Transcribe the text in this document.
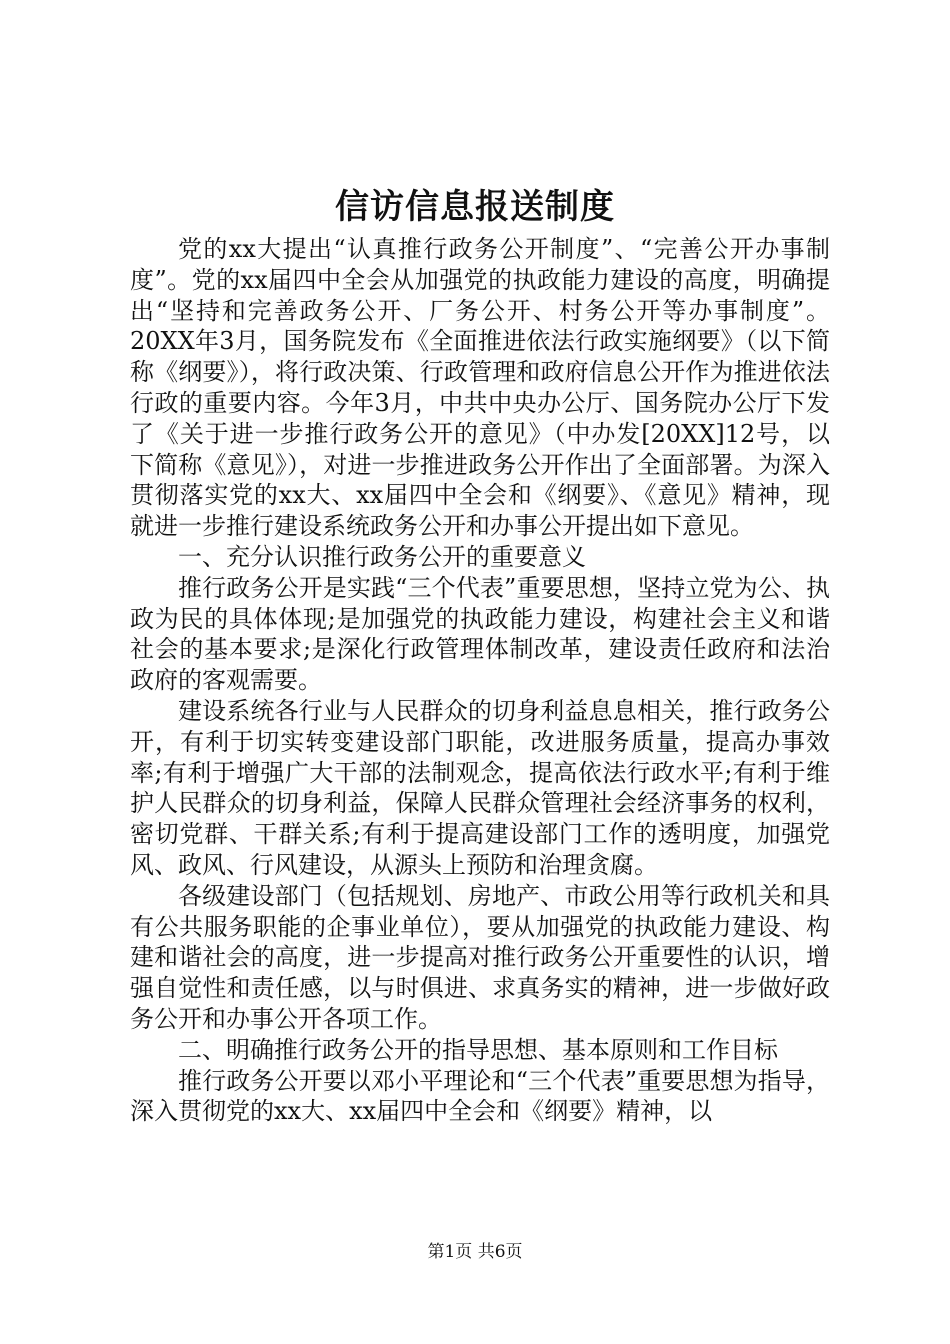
信访信息报送制度

党的xx大提出“认真推行政务公开制度”、“完善公开办事制度”。党的xx届四中全会从加强党的执政能力建设的高度，明确提出“坚持和完善政务公开、厂务公开、村务公开等办事制度”。20XX年3月，国务院发布《全面推进依法行政实施纲要》（以下简称《纲要》），将行政决策、行政管理和政府信息公开作为推进依法行政的重要内容。今年3月，中共中央办公厅、国务院办公厅下发了《关于进一步推行政务公开的意见》（中办发[20XX]12号，以下简称《意见》），对进一步推进政务公开作出了全面部署。为深入贯彻落实党的xx大、xx届四中全会和《纲要》、《意见》精神，现就进一步推行建设系统政务公开和办事公开提出如下意见。

一、充分认识推行政务公开的重要意义

推行政务公开是实践“三个代表”重要思想，坚持立党为公、执政为民的具体体现;是加强党的执政能力建设，构建社会主义和谐社会的基本要求;是深化行政管理体制改革，建设责任政府和法治政府的客观需要。

建设系统各行业与人民群众的切身利益息息相关，推行政务公开，有利于切实转变建设部门职能，改进服务质量，提高办事效率;有利于增强广大干部的法制观念，提高依法行政水平;有利于维护人民群众的切身利益，保障人民群众管理社会经济事务的权利，密切党群、干群关系;有利于提高建设部门工作的透明度，加强党风、政风、行风建设，从源头上预防和治理贪腐。

各级建设部门（包括规划、房地产、市政公用等行政机关和具有公共服务职能的企事业单位），要从加强党的执政能力建设、构建和谐社会的高度，进一步提高对推行政务公开重要性的认识，增强自觉性和责任感，以与时俱进、求真务实的精神，进一步做好政务公开和办事公开各项工作。

二、明确推行政务公开的指导思想、基本原则和工作目标

推行政务公开要以邓小平理论和“三个代表”重要思想为指导，深入贯彻党的xx大、xx届四中全会和《纲要》精神，以

第1页 共6页
